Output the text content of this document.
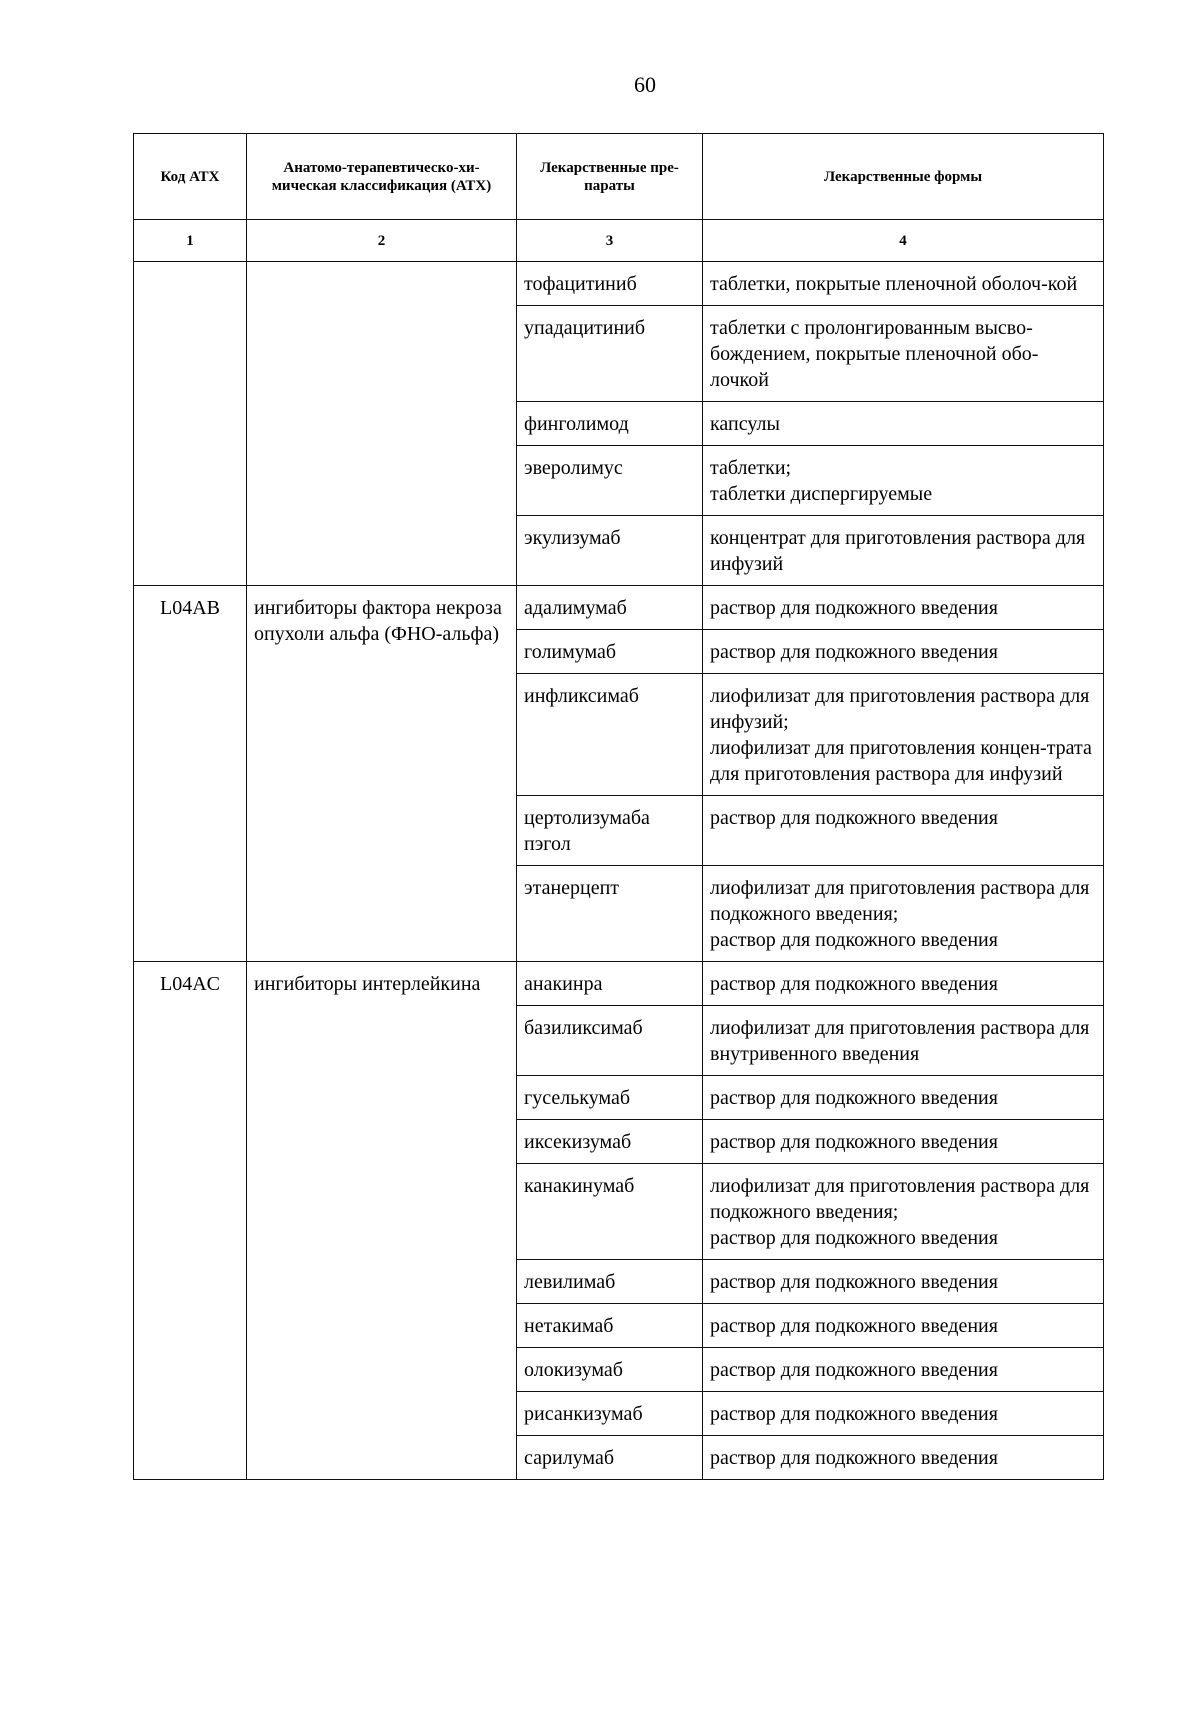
60
Код АТХ	Анатомо-терапевтическо-хи-мическая классификация (АТХ)	Лекарственные пре-параты	Лекарственные формы
1	2	3	4
		тофацитиниб	таблетки, покрытые пленочной оболоч-кой

		упадацитиниб	таблетки с пролонгированным высво-бождением, покрытые пленочной обо-лочкой

		финголимод	капсулы

		эверолимус	таблетки;
таблетки диспергируемые

		экулизумаб	концентрат для приготовления раствора для инфузий

L04AB	ингибиторы фактора некроза опухоли альфа (ФНО-альфа)	адалимумаб	раствор для подкожного введения

		голимумаб	раствор для подкожного введения

		инфликсимаб	лиофилизат для приготовления раствора для инфузий;
лиофилизат для приготовления концен-трата для приготовления раствора для инфузий

		цертолизумаба пэгол	раствор для подкожного введения

		этанерцепт	лиофилизат для приготовления раствора для подкожного введения;
раствор для подкожного введения

L04AC	ингибиторы интерлейкина	анакинра	раствор для подкожного введения

		базиликсимаб	лиофилизат для приготовления раствора для внутривенного введения

		гуселькумаб	раствор для подкожного введения

		иксекизумаб	раствор для подкожного введения

		канакинумаб	лиофилизат для приготовления раствора для подкожного введения;
раствор для подкожного введения

		левилимаб	раствор для подкожного введения

		нетакимаб	раствор для подкожного введения

		олокизумаб	раствор для подкожного введения

		рисанкизумаб	раствор для подкожного введения

		сарилумаб	раствор для подкожного введения
